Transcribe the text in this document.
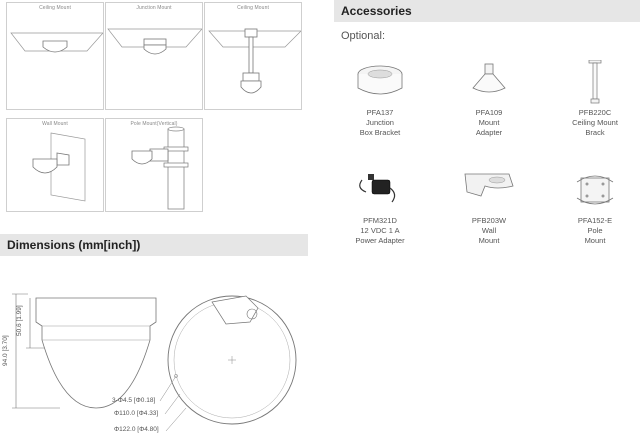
Ceiling Mount	Junction Mount	Ceiling Mount
Wall Mount	Pole Mount(Vertical)
Accessories
Optional:
PFA137
Junction
Box Bracket
PFA109
Mount
Adapter
PFB220C
Ceiling Mount
Brack
PFM321D
12 VDC 1 A
Power Adapter
PFB203W
Wall
Mount
PFA152-E
Pole
Mount
Dimensions (mm[inch])
94.0 [3.70]
50.6 [1.99]
3-Φ4.5 [Φ0.18]
Φ110.0 [Φ4.33]
Φ122.0 [Φ4.80]
